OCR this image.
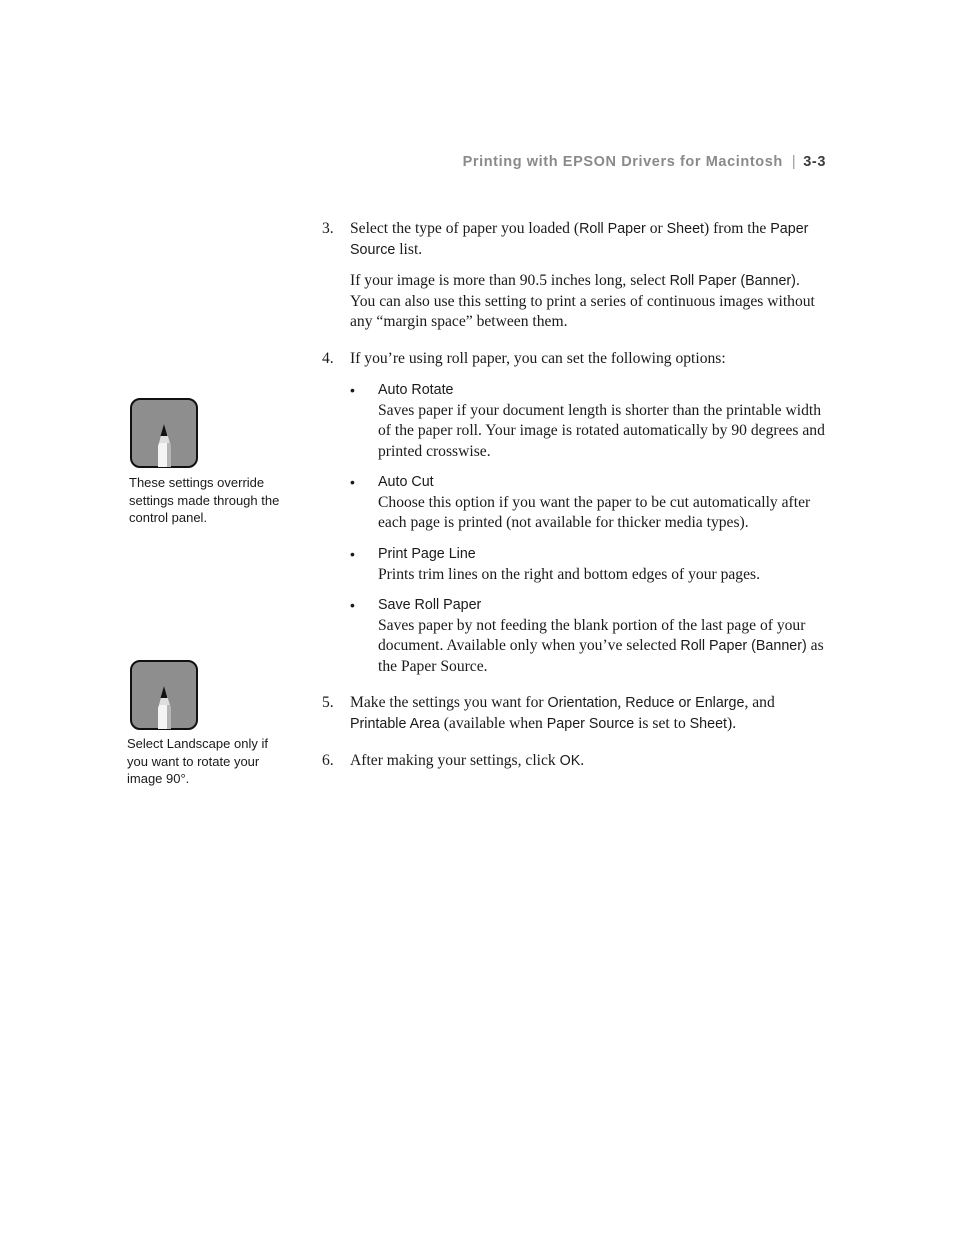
Printing with EPSON Drivers for Macintosh | 3-3
3. Select the type of paper you loaded (Roll Paper or Sheet) from the Paper Source list.

If your image is more than 90.5 inches long, select Roll Paper (Banner). You can also use this setting to print a series of continuous images without any “margin space” between them.

4. If you’re using roll paper, you can set the following options:

• Auto Rotate

Saves paper if your document length is shorter than the printable width of the paper roll. Your image is rotated automatically by 90 degrees and printed crosswise.

• Auto Cut

Choose this option if you want the paper to be cut automatically after each page is printed (not available for thicker media types).

• Print Page Line

Prints trim lines on the right and bottom edges of your pages.

• Save Roll Paper

Saves paper by not feeding the blank portion of the last page of your document. Available only when you’ve selected Roll Paper (Banner) as the Paper Source.

5. Make the settings you want for Orientation, Reduce or Enlarge, and Printable Area (available when Paper Source is set to Sheet).

6. After making your settings, click OK.

These settings override settings made through the control panel.

Select Landscape only if you want to rotate your image 90°.
